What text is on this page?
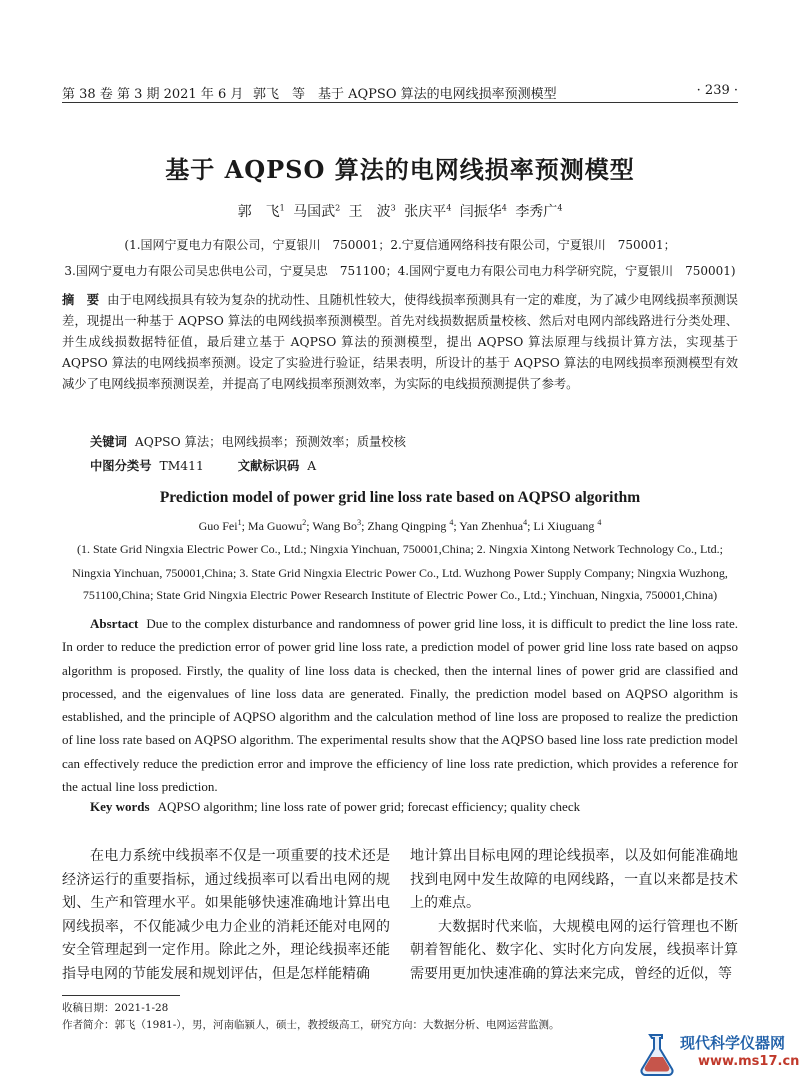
第 38 卷 第 3 期 2021 年 6 月 郭飞　等　基于 AQPSO 算法的电网线损率预测模型	· 239 ·
基于 AQPSO 算法的电网线损率预测模型
郭　飞$^1$ 马国武$^2$ 王　波$^3$ 张庆平$^4$ 闫振华$^4$ 李秀广$^4$
(1.国网宁夏电力有限公司，宁夏银川　750001；2.宁夏信通网络科技有限公司，宁夏银川　750001；
3.国网宁夏电力有限公司吴忠供电公司，宁夏吴忠　751100；4.国网宁夏电力有限公司电力科学研究院，宁夏银川　750001)
摘　要 由于电网线损具有较为复杂的扰动性、且随机性较大，使得线损率预测具有一定的难度，为了减少电网线损率预测误差，现提出一种基于 AQPSO 算法的电网线损率预测模型。首先对线损数据质量校核、然后对电网内部线路进行分类处理、并生成线损数据特征值，最后建立基于 AQPSO 算法的预测模型，提出 AQPSO 算法原理与线损计算方法，实现基于 AQPSO 算法的电网线损率预测。设定了实验进行验证，结果表明，所设计的基于 AQPSO 算法的电网线损率预测模型有效减少了电网线损率预测误差，并提高了电网线损率预测效率，为实际的电线损预测提供了参考。
关键词 AQPSO 算法；电网线损率；预测效率；质量校核
中图分类号 TM411	文献标识码 A
Prediction model of power grid line loss rate based on AQPSO algorithm
Guo Fei$^1$; Ma Guowu$^2$; Wang Bo$^3$; Zhang Qingping $^4$; Yan Zhenhua$^4$; Li Xiuguang $^4$
(1. State Grid Ningxia Electric Power Co., Ltd.; Ningxia Yinchuan, 750001,China; 2. Ningxia Xintong Network Technology Co., Ltd.;
Ningxia Yinchuan, 750001,China; 3. State Grid Ningxia Electric Power Co., Ltd. Wuzhong Power Supply Company; Ningxia Wuzhong,
751100,China; State Grid Ningxia Electric Power Research Institute of Electric Power Co., Ltd.; Yinchuan, Ningxia, 750001,China)
Absrtact Due to the complex disturbance and randomness of power grid line loss, it is difficult to predict the line loss rate. In order to reduce the prediction error of power grid line loss rate, a prediction model of power grid line loss rate based on aqpso algorithm is proposed. Firstly, the quality of line loss data is checked, then the internal lines of power grid are classified and processed, and the eigenvalues of line loss data are generated. Finally, the prediction model based on AQPSO algorithm is established, and the principle of AQPSO algorithm and the calculation method of line loss are proposed to realize the prediction of line loss rate based on AQPSO algorithm. The experimental results show that the AQPSO based line loss rate prediction model can effectively reduce the prediction error and improve the efficiency of line loss rate prediction, which provides a reference for the actual line loss prediction.
Key words AQPSO algorithm; line loss rate of power grid; forecast efficiency; quality check

在电力系统中线损率不仅是一项重要的技术还是经济运行的重要指标，通过线损率可以看出电网的规划、生产和管理水平。如果能够快速准确地计算出电网线损率，不仅能减少电力企业的消耗还能对电网的安全管理起到一定作用。除此之外，理论线损率还能指导电网的节能发展和规划评估，但是怎样能精确

地计算出目标电网的理论线损率，以及如何能准确地找到电网中发生故障的电网线路，一直以来都是技术上的难点。

大数据时代来临，大规模电网的运行管理也不断朝着智能化、数字化、实时化方向发展，线损率计算需要用更加快速准确的算法来完成，曾经的近似，等

收稿日期：2021-1-28
作者简介：郭飞（1981-），男，河南临颍人，硕士，教授级高工，研究方向：大数据分析、电网运营监测。
现代科学仪器网
www.ms17.cn
